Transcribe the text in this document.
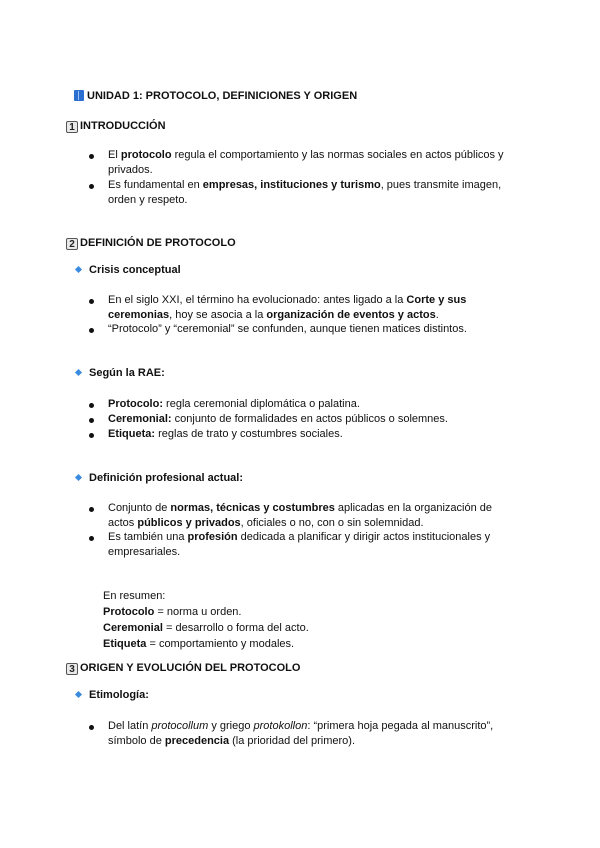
UNIDAD 1: PROTOCOLO, DEFINICIONES Y ORIGEN
1 INTRODUCCIÓN
El protocolo regula el comportamiento y las normas sociales en actos públicos y privados.
Es fundamental en empresas, instituciones y turismo, pues transmite imagen, orden y respeto.
2 DEFINICIÓN DE PROTOCOLO
Crisis conceptual
En el siglo XXI, el término ha evolucionado: antes ligado a la Corte y sus ceremonias, hoy se asocia a la organización de eventos y actos.
“Protocolo” y “ceremonial” se confunden, aunque tienen matices distintos.
Según la RAE:
Protocolo: regla ceremonial diplomática o palatina.
Ceremonial: conjunto de formalidades en actos públicos o solemnes.
Etiqueta: reglas de trato y costumbres sociales.
Definición profesional actual:
Conjunto de normas, técnicas y costumbres aplicadas en la organización de actos públicos y privados, oficiales o no, con o sin solemnidad.
Es también una profesión dedicada a planificar y dirigir actos institucionales y empresariales.
En resumen:
Protocolo = norma u orden.
Ceremonial = desarrollo o forma del acto.
Etiqueta = comportamiento y modales.
3 ORIGEN Y EVOLUCIÓN DEL PROTOCOLO
Etimología:
Del latín protocollum y griego protokollon: “primera hoja pegada al manuscrito”, símbolo de precedencia (la prioridad del primero).
